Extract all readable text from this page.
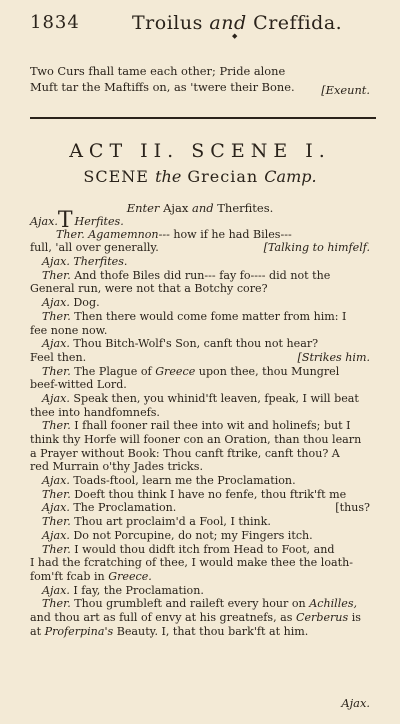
1834	Troilus and Creffida.
◆
Two Curs fhall tame each other; Pride alone
Muft tar the Maftiffs on, as 'twere their Bone. [Exeunt.
ACT II. SCENE I.
SCENE the Grecian Camp.
Enter Ajax and Therfites.
Ajax.T Herfites.
Ther. Agamemnon--- how if he had Biles---
full, 'all over generally.	[Talking to himfelf.
Ajax. Therfites.
Ther. And thofe Biles did run--- fay fo---- did not the
General run, were not that a Botchy core?
Ajax. Dog.
Ther. Then there would come fome matter from him: I
fee none now.
Ajax. Thou Bitch-Wolf's Son, canft thou not hear?
Feel then.	[Strikes him.
Ther. The Plague of Greece upon thee, thou Mungrel
beef-witted Lord.
Ajax. Speak then, you whinid'ft leaven, fpeak, I will beat
thee into handfomnefs.
Ther. I fhall fooner rail thee into wit and holinefs; but I
think thy Horfe will fooner con an Oration, than thou learn
a Prayer without Book: Thou canft ftrike, canft thou? A
red Murrain o'thy Jades tricks.
Ajax. Toads-ftool, learn me the Proclamation.
Ther. Doeft thou think I have no fenfe, thou ftrik'ft me
Ajax. The Proclamation.	[thus?
Ther. Thou art proclaim'd a Fool, I think.
Ajax. Do not Porcupine, do not; my Fingers itch.
Ther. I would thou didft itch from Head to Foot, and
I had the fcratching of thee, I would make thee the loath-
fom'ft fcab in Greece.
Ajax. I fay, the Proclamation.
Ther. Thou grumbleft and raileft every hour on Achilles,
and thou art as full of envy at his greatnefs, as Cerberus is
at Proferpina's Beauty. I, that thou bark'ft at him.
Ajax.
